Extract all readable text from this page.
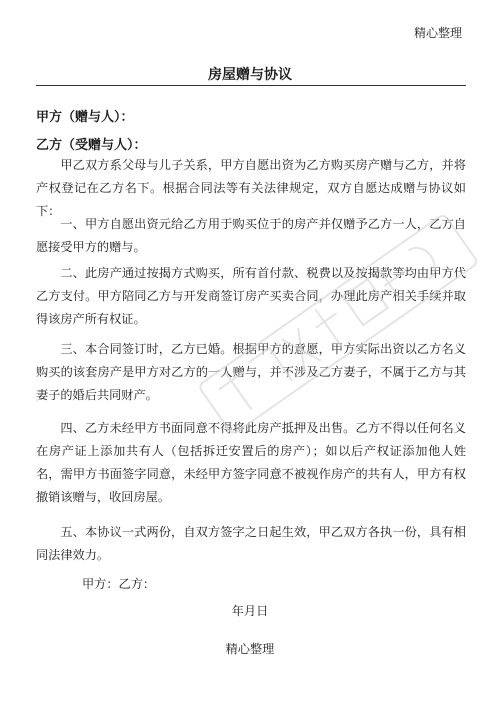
精心整理
房屋赠与协议
甲方（赠与人）：
乙方（受赠与人）：

甲乙双方系父母与儿子关系，甲方自愿出资为乙方购买房产赠与乙方，并将产权登记在乙方名下。根据合同法等有关法律规定，双方自愿达成赠与协议如下：

一、甲方自愿出资元给乙方用于购买位于的房产并仅赠予乙方一人，乙方自愿接受甲方的赠与。

二、此房产通过按揭方式购买，所有首付款、税费以及按揭款等均由甲方代乙方支付。甲方陪同乙方与开发商签订房产买卖合同，办理此房产相关手续并取得该房产所有权证。

三、本合同签订时，乙方已婚。根据甲方的意愿，甲方实际出资以乙方名义购买的该套房产是甲方对乙方的一人赠与，并不涉及乙方妻子，不属于乙方与其妻子的婚后共同财产。

四、乙方未经甲方书面同意不得将此房产抵押及出售。乙方不得以任何名义在房产证上添加共有人（包括拆迁安置后的房产）；如以后产权证添加他人姓名，需甲方书面签字同意，未经甲方签字同意不被视作房产的共有人，甲方有权撤销该赠与，收回房屋。

五、本协议一式两份，自双方签字之日起生效，甲乙双方各执一份，具有相同法律效力。

甲方：乙方：
年月日
精心整理
